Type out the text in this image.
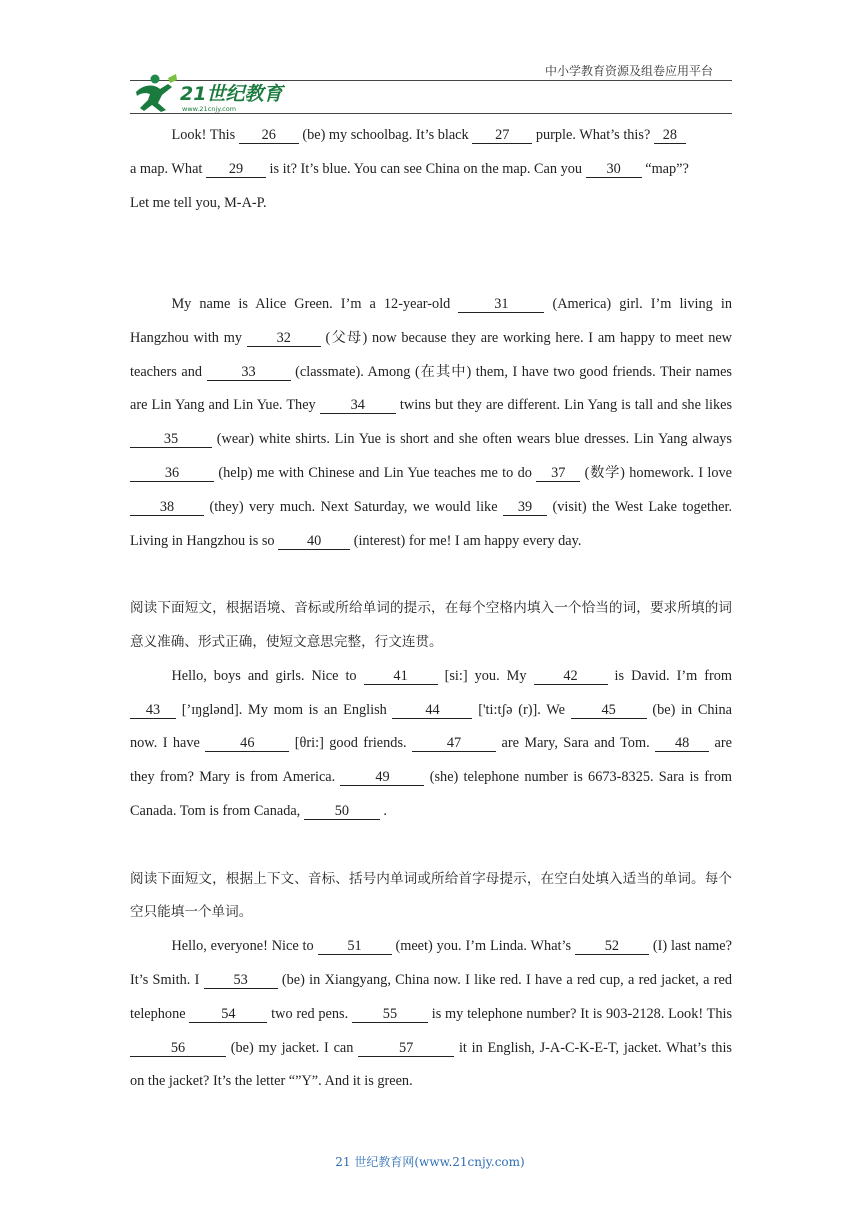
中小学教育资源及组卷应用平台
21世纪教育
www.21cnjy.com

Look! This 26 (be) my schoolbag. It’s black 27 purple. What’s this? 28

a map. What 29 is it? It’s blue. You can see China on the map. Can you 30 “map”?

Let me tell you, M-A-P.

My name is Alice Green. I’m a 12-year-old	31	(America) girl. I’m living in Hangzhou with my 32 (父母) now because they are working here. I am happy to meet new teachers and	33	(classmate). Among (在其中) them, I have two good friends. Their names are Lin Yang and Lin Yue. They 34 twins but they are different. Lin Yang is tall and she likes 35	(wear) white shirts. Lin Yue is short and she often wears blue dresses. Lin Yang always 36	(help) me with Chinese and Lin Yue teaches me to do 37 (数学) homework. I love 38 (they) very much. Next Saturday, we would like 39 (visit) the West Lake together. Living in Hangzhou is so 40 (interest) for me! I am happy every day.

阅读下面短文，根据语境、音标或所给单词的提示，在每个空格内填入一个恰当的词，要求所填的词意义准确、形式正确，使短文意思完整，行文连贯。

Hello, boys and girls. Nice to	41	[si:] you. My	42	is David. I’m from 43 [’ɪŋglənd]. My mom is an English	44	['ti:tʃə (r)]. We	45	(be) in China now. I have	46	[θri:] good friends.	47	are Mary, Sara and Tom. 48 are they from? Mary is from America.	49	(she) telephone number is 6673-8325. Sara is from Canada. Tom is from Canada, 50 .

阅读下面短文，根据上下文、音标、括号内单词或所给首字母提示，在空白处填入适当的单词。每个空只能填一个单词。

Hello, everyone! Nice to 51 (meet) you. I’m Linda. What’s 52 (I) last name? It’s Smith. I 53 (be) in Xiangyang, China now. I like red. I have a red cup, a red jacket, a red telephone 54 two red pens. 55 is my telephone number? It is 903-2128. Look! This 56	(be) my jacket. I can	57	it in English, J-A-C-K-E-T, jacket. What’s this on the jacket? It’s the letter “”Y”. And it is green.

21 世纪教育网(www.21cnjy.com)
